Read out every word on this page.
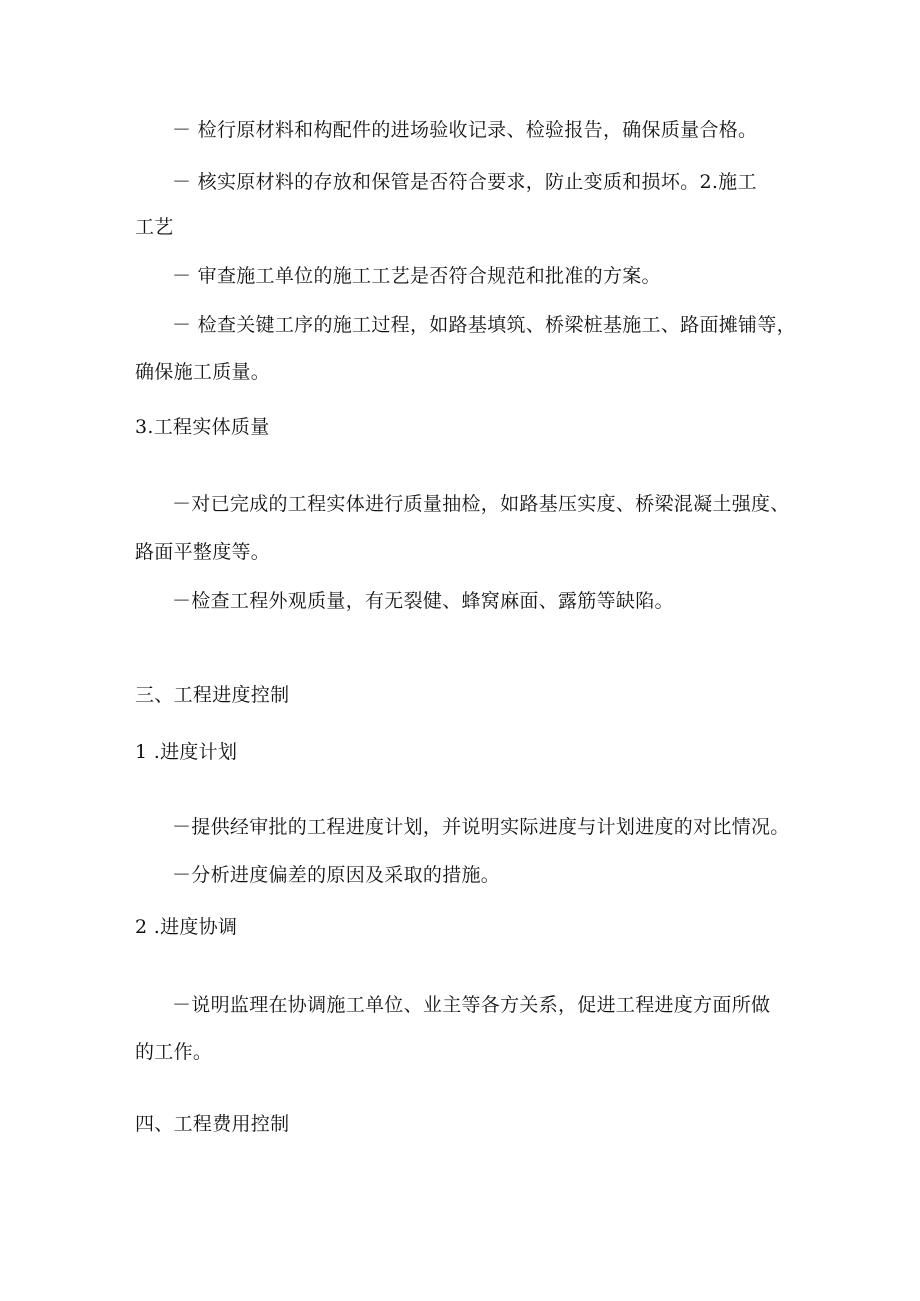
－ 检行原材料和构配件的进场验收记录、检验报告，确保质量合格。
－ 核实原材料的存放和保管是否符合要求，防止变质和损坏。2.施工
工艺
－ 审查施工单位的施工工艺是否符合规范和批准的方案。
－ 检查关键工序的施工过程，如路基填筑、桥梁桩基施工、路面摊铺等，
确保施工质量。
3.工程实体质量
－对已完成的工程实体进行质量抽检，如路基压实度、桥梁混凝土强度、
路面平整度等。
－检查工程外观质量，有无裂健、蜂窝麻面、露筋等缺陷。
三、工程进度控制
1 .进度计划
－提供经审批的工程进度计划，并说明实际进度与计划进度的对比情况。
－分析进度偏差的原因及采取的措施。
2 .进度协调
－说明监理在协调施工单位、业主等各方关系，促进工程进度方面所做
的工作。
四、工程费用控制
